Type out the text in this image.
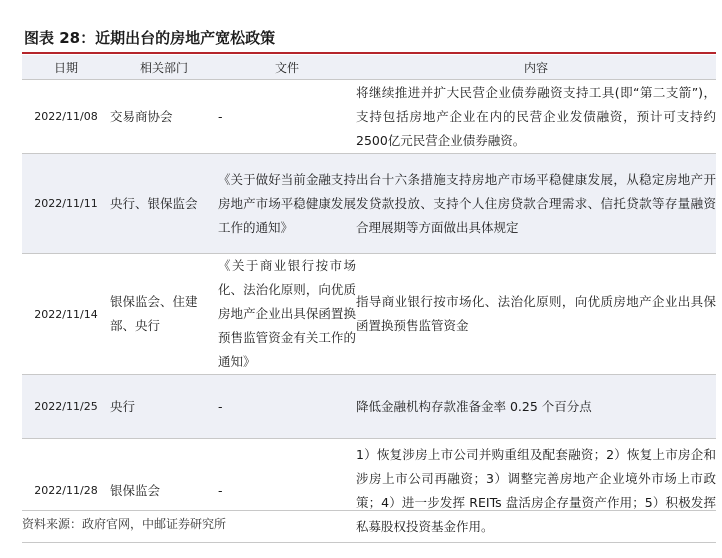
图表 28：近期出台的房地产宽松政策
日期	相关部门	文件	内容
2022/11/08	交易商协会	-	将继续推进并扩大民营企业债券融资支持工具(即“第二支箭”)，支持包括房地产企业在内的民营企业发债融资，预计可支持约2500亿元民营企业债券融资。
2022/11/11	央行、银保监会	《关于做好当前金融支持房地产市场平稳健康发展工作的通知》	出台十六条措施支持房地产市场平稳健康发展，从稳定房地产开发贷款投放、支持个人住房贷款合理需求、信托贷款等存量融资合理展期等方面做出具体规定
2022/11/14	银保监会、住建部、央行	《关于商业银行按市场化、法治化原则，向优质房地产企业出具保函置换预售监管资金有关工作的通知》	指导商业银行按市场化、法治化原则，向优质房地产企业出具保函置换预售监管资金
2022/11/25	央行	-	降低金融机构存款准备金率 0.25 个百分点
2022/11/28	银保监会	-	1）恢复涉房上市公司并购重组及配套融资；2）恢复上市房企和涉房上市公司再融资；3）调整完善房地产企业境外市场上市政策；4）进一步发挥 REITs 盘活房企存量资产作用；5）积极发挥私募股权投资基金作用。
资料来源：政府官网，中邮证券研究所
